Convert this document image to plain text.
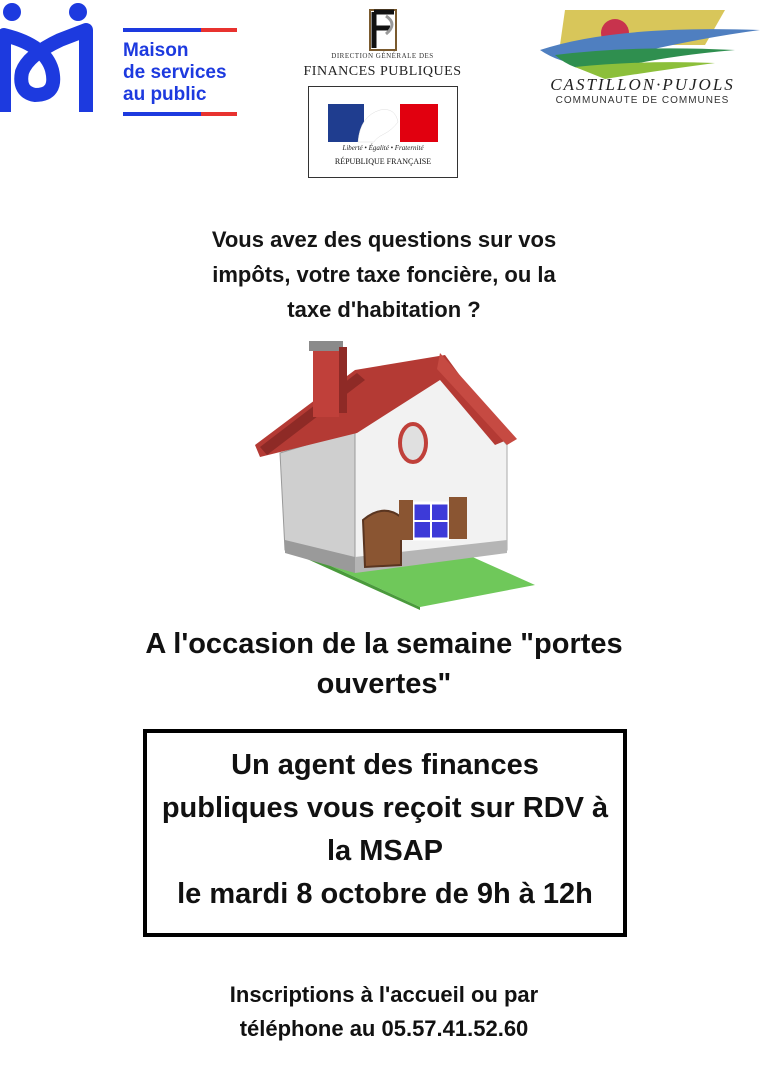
Maison
de services
au public
DIRECTION GÉNÉRALE DES
FINANCES PUBLIQUES
Liberté • Égalité • Fraternité
RÉPUBLIQUE FRANÇAISE
CASTILLON·PUJOLS
COMMUNAUTE DE COMMUNES
Vous avez des questions sur vos
impôts, votre taxe foncière, ou la
taxe d'habitation ?
A l'occasion de la semaine "portes
ouvertes"
Un agent des finances
publiques vous reçoit sur RDV à
la MSAP
le mardi 8 octobre de 9h à 12h
Inscriptions à l'accueil ou par
téléphone au 05.57.41.52.60
